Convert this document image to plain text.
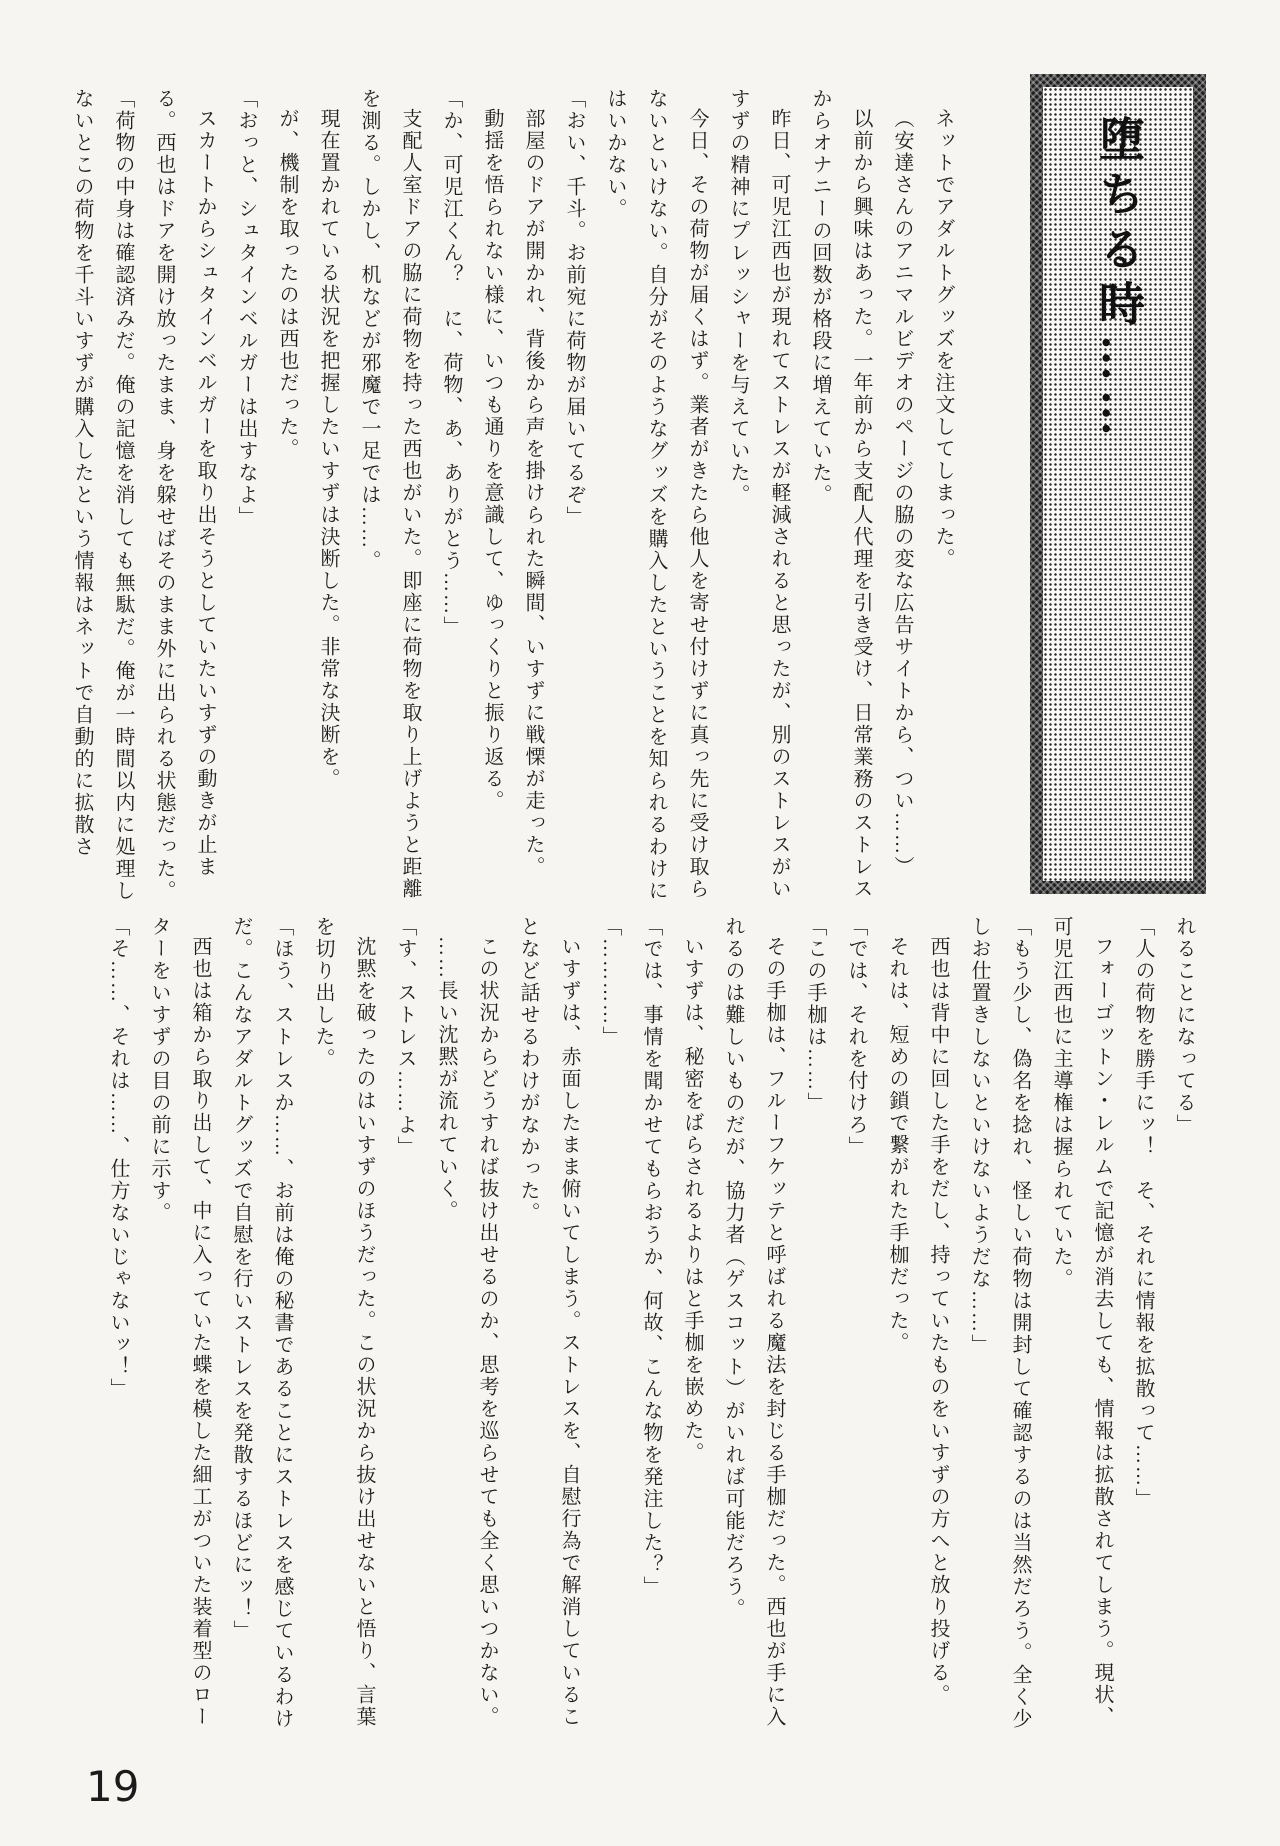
堕ちる時……

ネットでアダルトグッズを注文してしまった。

（安達さんのアニマルビデオのページの脇の変な広告サイトから、つい……）

以前から興味はあった。一年前から支配人代理を引き受け、日常業務のストレスからオナニーの回数が格段に増えていた。

昨日、可児江西也が現れてストレスが軽減されると思ったが、別のストレスがいすずの精神にプレッシャーを与えていた。

今日、その荷物が届くはず。業者がきたら他人を寄せ付けずに真っ先に受け取らないといけない。自分がそのようなグッズを購入したということを知られるわけにはいかない。

「おい、千斗。お前宛に荷物が届いてるぞ」

部屋のドアが開かれ、背後から声を掛けられた瞬間、いすずに戦慄が走った。

動揺を悟られない様に、いつも通りを意識して、ゆっくりと振り返る。

「か、可児江くん？　に、荷物、あ、ありがとう……」

支配人室ドアの脇に荷物を持った西也がいた。即座に荷物を取り上げようと距離を測る。しかし、机などが邪魔で一足では……。

現在置かれている状況を把握したいすずは決断した。非常な決断を。

が、機制を取ったのは西也だった。

「おっと、シュタインベルガーは出すなよ」

スカートからシュタインベルガーを取り出そうとしていたいすずの動きが止まる。西也はドアを開け放ったまま、身を躱せばそのまま外に出られる状態だった。

「荷物の中身は確認済みだ。俺の記憶を消しても無駄だ。俺が一時間以内に処理しないとこの荷物を千斗いすずが購入したという情報はネットで自動的に拡散さ

れることになってる」

「人の荷物を勝手にッ！　そ、それに情報を拡散って……」

フォーゴットン・レルムで記憶が消去しても、情報は拡散されてしまう。現状、可児江西也に主導権は握られていた。

「もう少し、偽名を捻れ、怪しい荷物は開封して確認するのは当然だろう。全く少しお仕置きしないといけないようだな……」

西也は背中に回した手をだし、持っていたものをいすずの方へと放り投げる。

それは、短めの鎖で繋がれた手枷だった。

「では、それを付けろ」

「この手枷は……」

その手枷は、フルーフケッテと呼ばれる魔法を封じる手枷だった。西也が手に入れるのは難しいものだが、協力者（ゲスコット）がいれば可能だろう。

いすずは、秘密をばらされるよりはと手枷を嵌めた。

「では、事情を聞かせてもらおうか、何故、こんな物を発注した？」

「…………」

いすずは、赤面したまま俯いてしまう。ストレスを、自慰行為で解消していることなど話せるわけがなかった。

この状況からどうすれば抜け出せるのか、思考を巡らせても全く思いつかない。

……長い沈黙が流れていく。

「す、ストレス……よ」

沈黙を破ったのはいすずのほうだった。この状況から抜け出せないと悟り、言葉を切り出した。

「ほう、ストレスか……、お前は俺の秘書であることにストレスを感じているわけだ。こんなアダルトグッズで自慰を行いストレスを発散するほどにッ！」

西也は箱から取り出して、中に入っていた蝶を模した細工がついた装着型のローターをいすずの目の前に示す。

「そ……、それは……、仕方ないじゃないッ！」

19
